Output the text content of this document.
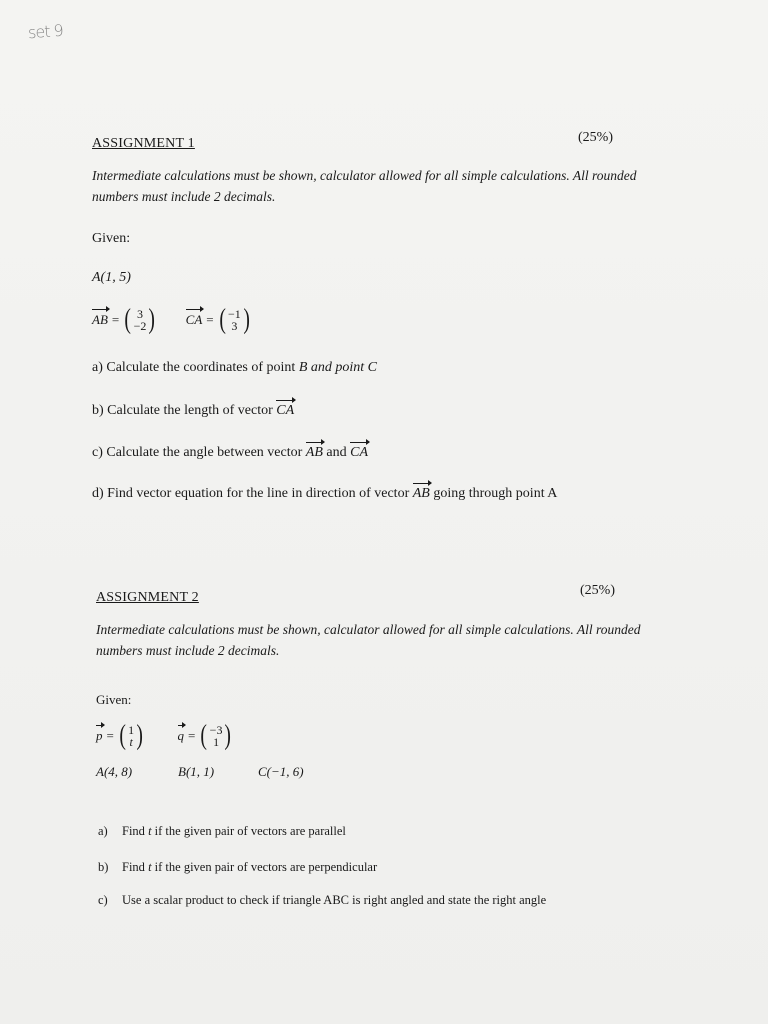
set 9
ASSIGNMENT 1	(25%)
Intermediate calculations must be shown, calculator allowed for all simple calculations. All rounded numbers must include 2 decimals.
Given:
A(1, 5)
AB = ( 3
−2 )
CA = ( −1
3 )
a) Calculate the coordinates of point B and point C
b) Calculate the length of vector CA
c) Calculate the angle between vector AB and CA
d) Find vector equation for the line in direction of vector AB going through point A
ASSIGNMENT 2	(25%)
Intermediate calculations must be shown, calculator allowed for all simple calculations. All rounded numbers must include 2 decimals.
Given:
p = ( 1
t )
	q = ( −3
1 )
A(4, 8)	B(1, 1)	C(−1, 6)
a) Find t if the given pair of vectors are parallel
b) Find t if the given pair of vectors are perpendicular
c) Use a scalar product to check if triangle ABC is right angled and state the right angle
